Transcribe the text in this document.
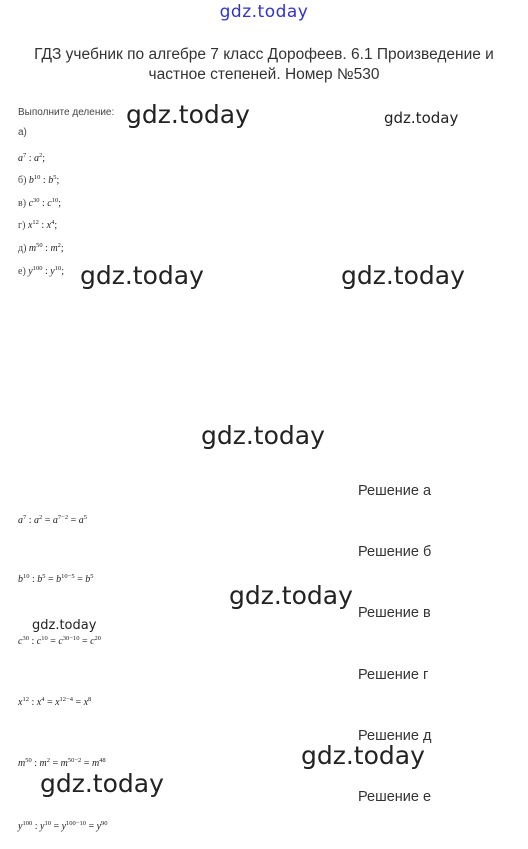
gdz.today
ГДЗ учебник по алгебре 7 класс Дорофеев. 6.1 Произведение и частное степеней. Номер №530
Выполните деление:
а)
$a^7$ : $a^2$;
б) $b^{10}$ : $b^5$;
в) $c^{30}$ : $c^{10}$;
г) $x^{12}$ : $x^4$;
д) $m^{50}$ : $m^2$;
е) $y^{100}$ : $y^{10}$;
Решение а
$a^7$ : $a^2 = a^{7-2} = a^5$
Решение б
$b^{10}$ : $b^5 = b^{10-5} = b^5$
Решение в
$c^{30}$ : $c^{10} = c^{30-10} = c^{20}$
Решение г
$x^{12}$ : $x^4 = x^{12-4} = x^8$
Решение д
$m^{50}$ : $m^2 = m^{50-2} = m^{48}$
Решение е
$y^{100}$ : $y^{10} = y^{100-10} = y^{90}$
gdz.today	gdz.today
gdz.today	gdz.today
gdz.today
gdz.today
gdz.today
gdz.today
gdz.today
